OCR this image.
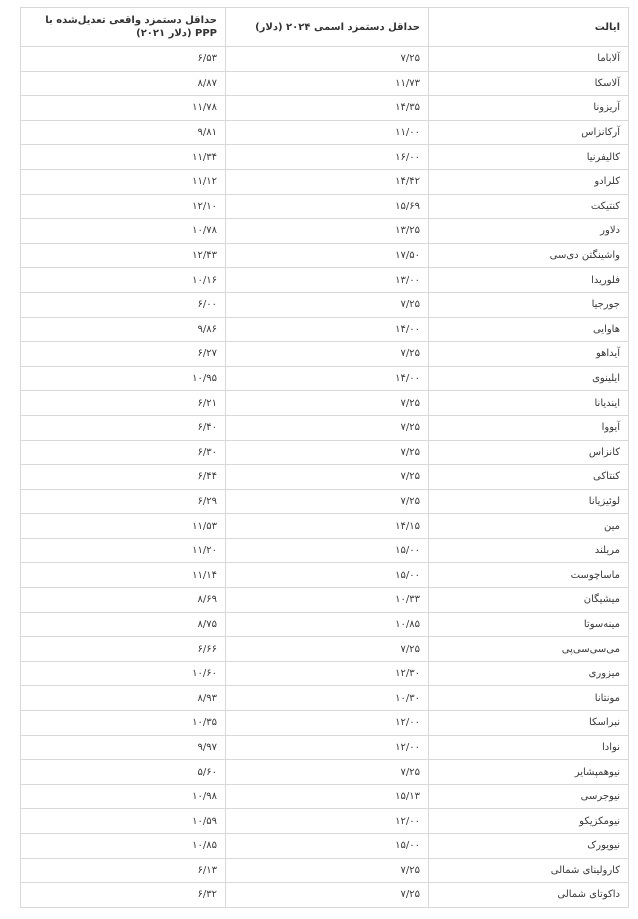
ایالت	حداقل دستمزد اسمی ۲۰۲۴ (دلار)	حداقل دستمزد واقعی تعدیل‌شده با PPP (دلار ۲۰۲۱)
آلاباما	۷/۲۵	۶/۵۳
آلاسکا	۱۱/۷۳	۸/۸۷
آریزونا	۱۴/۳۵	۱۱/۷۸
آرکانزاس	۱۱/۰۰	۹/۸۱
کالیفرنیا	۱۶/۰۰	۱۱/۳۴
کلرادو	۱۴/۴۲	۱۱/۱۲
کنتیکت	۱۵/۶۹	۱۲/۱۰
دلاور	۱۳/۲۵	۱۰/۷۸
واشینگتن دی‌سی	۱۷/۵۰	۱۲/۴۳
فلوریدا	۱۳/۰۰	۱۰/۱۶
جورجیا	۷/۲۵	۶/۰۰
هاوایی	۱۴/۰۰	۹/۸۶
آیداهو	۷/۲۵	۶/۲۷
ایلینوی	۱۴/۰۰	۱۰/۹۵
ایندیانا	۷/۲۵	۶/۲۱
آیووا	۷/۲۵	۶/۴۰
کانزاس	۷/۲۵	۶/۳۰
کنتاکی	۷/۲۵	۶/۴۴
لوئیزیانا	۷/۲۵	۶/۲۹
مین	۱۴/۱۵	۱۱/۵۳
مریلند	۱۵/۰۰	۱۱/۲۰
ماساچوست	۱۵/۰۰	۱۱/۱۴
میشیگان	۱۰/۳۳	۸/۶۹
مینه‌سوتا	۱۰/۸۵	۸/۷۵
می‌سی‌سی‌پی	۷/۲۵	۶/۶۶
میزوری	۱۲/۳۰	۱۰/۶۰
مونتانا	۱۰/۳۰	۸/۹۳
نبراسکا	۱۲/۰۰	۱۰/۳۵
نوادا	۱۲/۰۰	۹/۹۷
نیوهمپشایر	۷/۲۵	۵/۶۰
نیوجرسی	۱۵/۱۳	۱۰/۹۸
نیومکزیکو	۱۲/۰۰	۱۰/۵۹
نیویورک	۱۵/۰۰	۱۰/۸۵
کارولینای شمالی	۷/۲۵	۶/۱۳
داکوتای شمالی	۷/۲۵	۶/۳۲
